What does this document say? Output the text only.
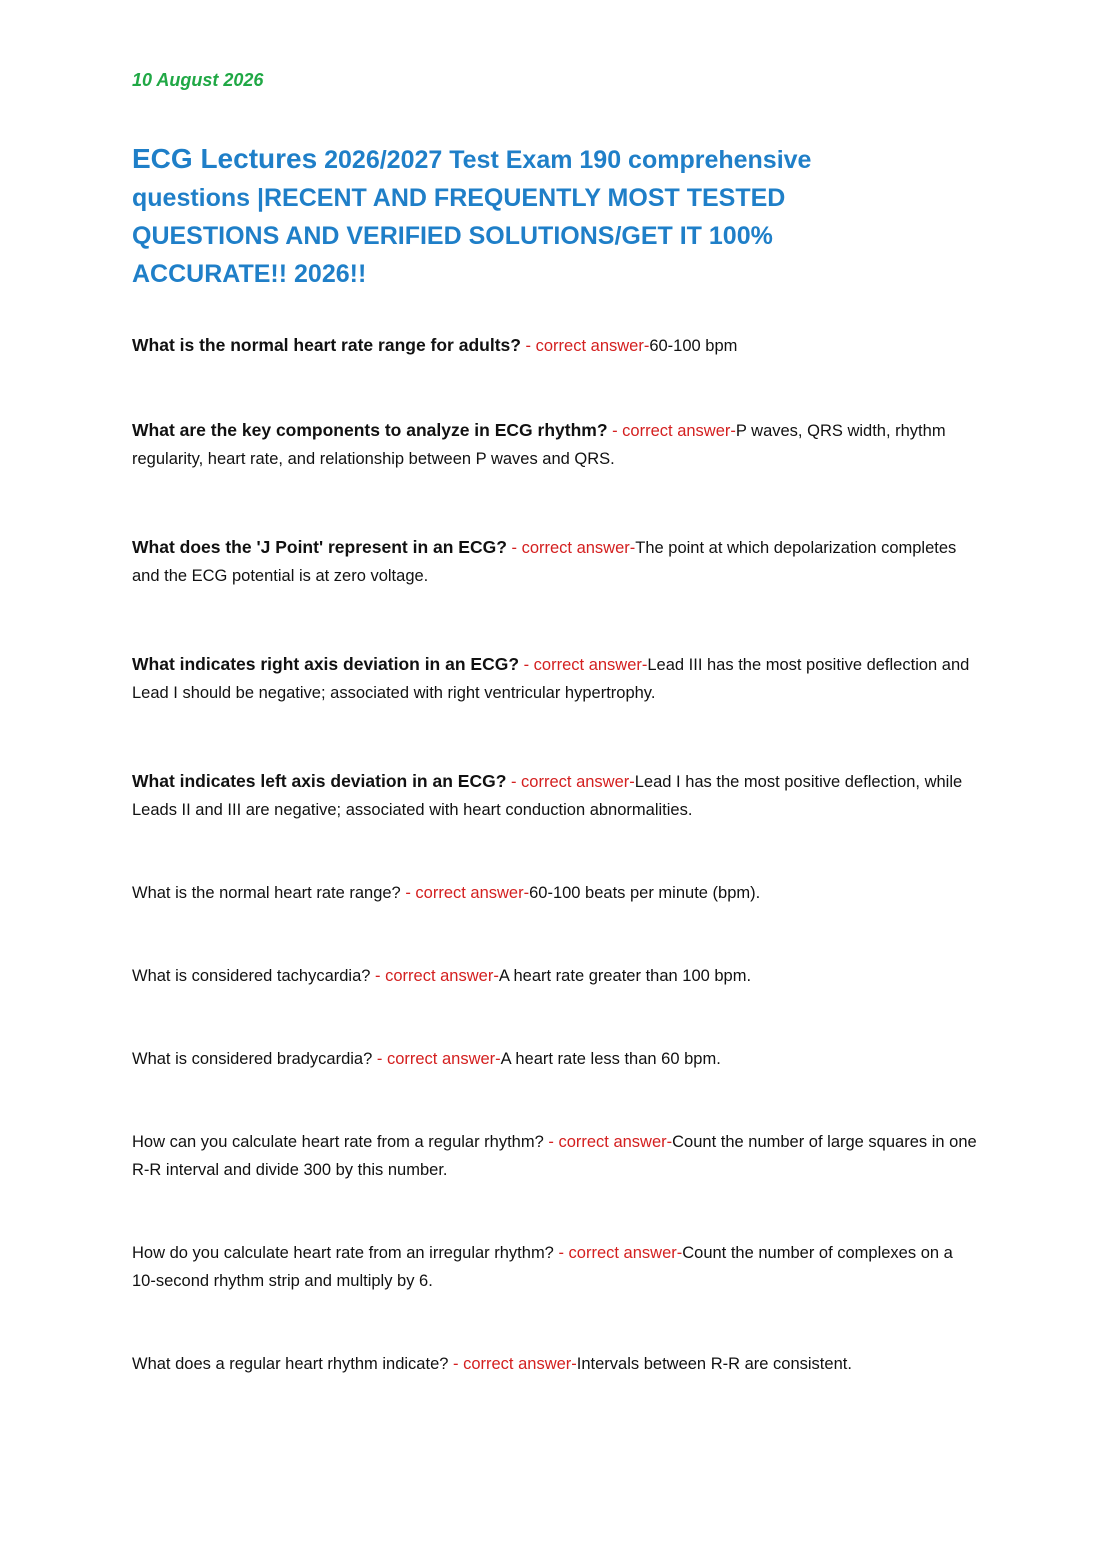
10 August 2026

ECG Lectures 2026/2027 Test Exam 190 comprehensive questions |RECENT AND FREQUENTLY MOST TESTED QUESTIONS AND VERIFIED SOLUTIONS/GET IT 100% ACCURATE!! 2026!!

What is the normal heart rate range for adults? - correct answer-60-100 bpm

What are the key components to analyze in ECG rhythm? - correct answer-P waves, QRS width, rhythm regularity, heart rate, and relationship between P waves and QRS.

What does the 'J Point' represent in an ECG? - correct answer-The point at which depolarization completes and the ECG potential is at zero voltage.

What indicates right axis deviation in an ECG? - correct answer-Lead III has the most positive deflection and Lead I should be negative; associated with right ventricular hypertrophy.

What indicates left axis deviation in an ECG? - correct answer-Lead I has the most positive deflection, while Leads II and III are negative; associated with heart conduction abnormalities.

What is the normal heart rate range? - correct answer-60-100 beats per minute (bpm).

What is considered tachycardia? - correct answer-A heart rate greater than 100 bpm.

What is considered bradycardia? - correct answer-A heart rate less than 60 bpm.

How can you calculate heart rate from a regular rhythm? - correct answer-Count the number of large squares in one R-R interval and divide 300 by this number.

How do you calculate heart rate from an irregular rhythm? - correct answer-Count the number of complexes on a 10-second rhythm strip and multiply by 6.

What does a regular heart rhythm indicate? - correct answer-Intervals between R-R are consistent.
